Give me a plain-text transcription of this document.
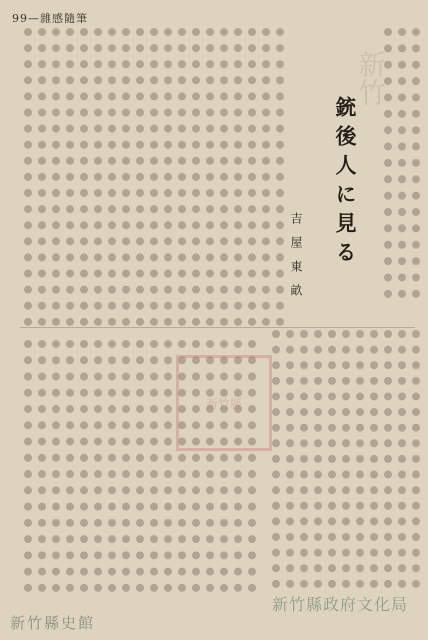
99—雜感隨筆
銃後人に見る
吉屋東畝
新竹
新竹縣
新竹縣史館
新竹縣政府文化局
